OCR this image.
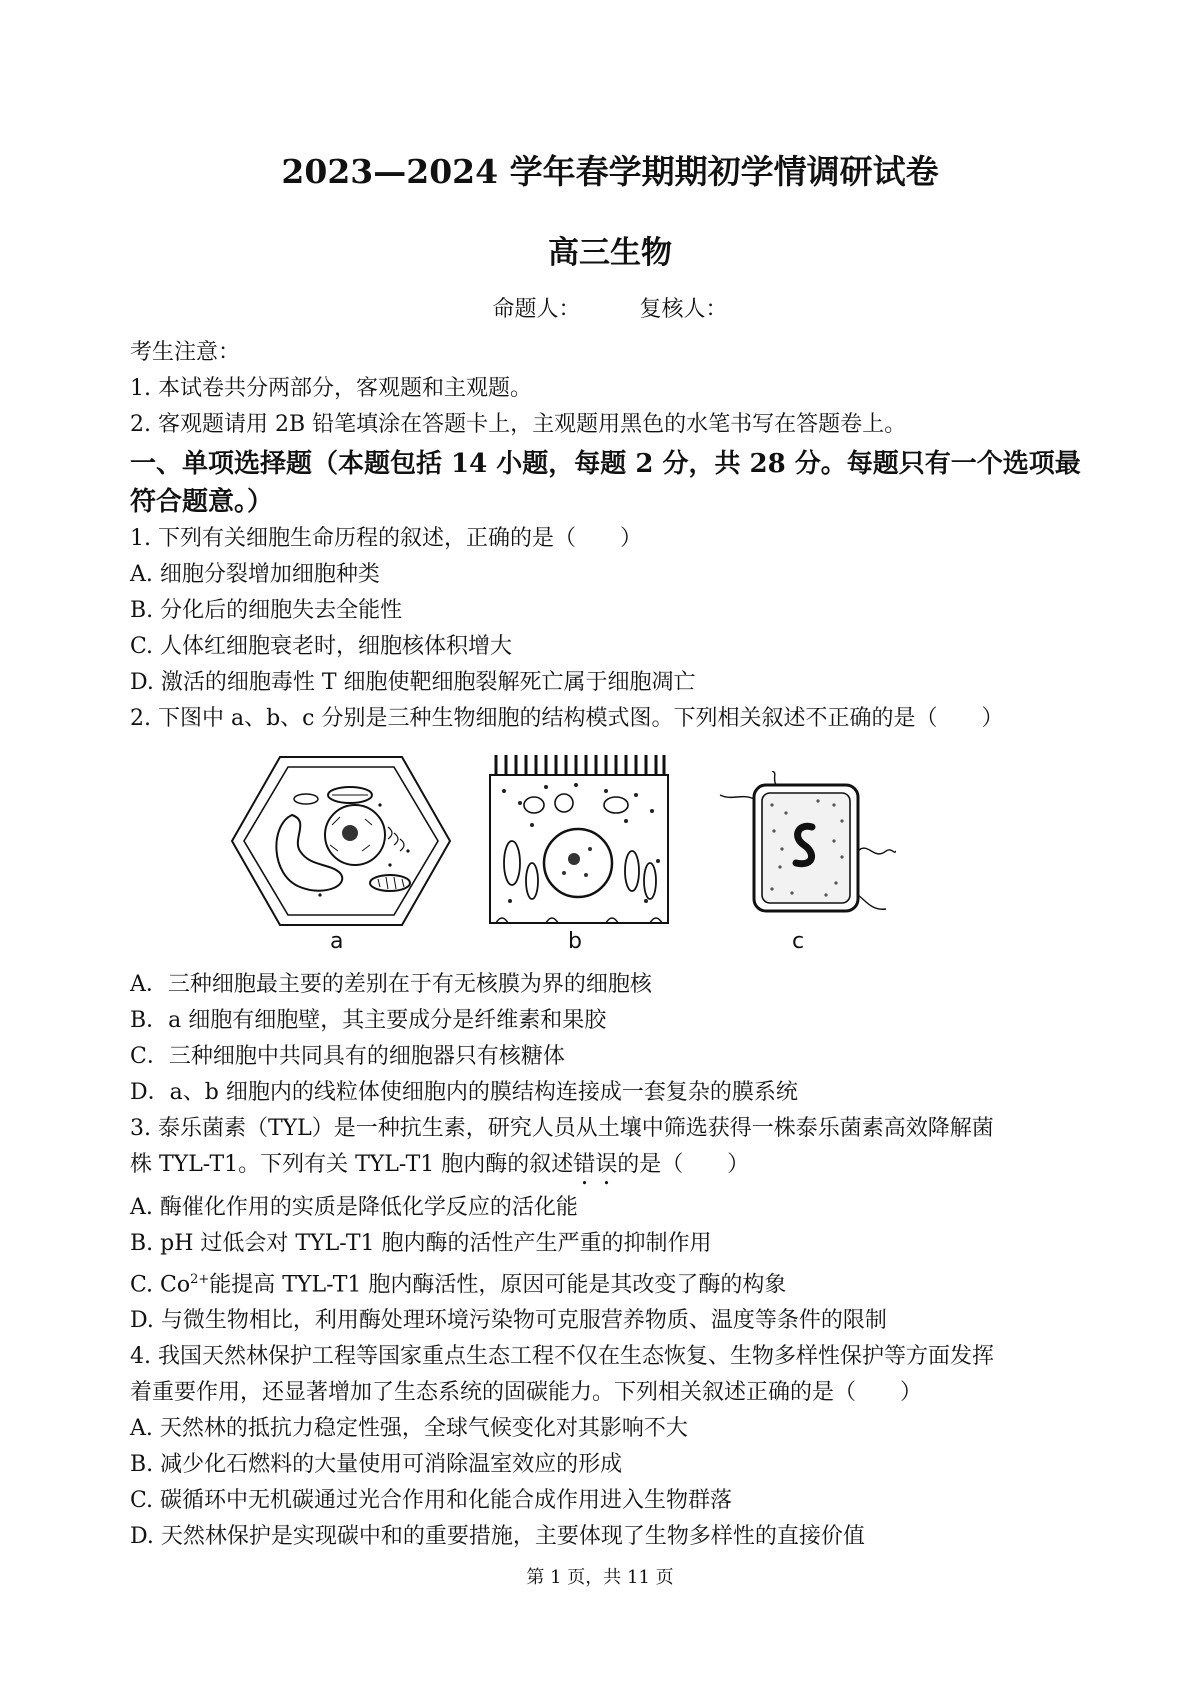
2023—2024 学年春学期期初学情调研试卷
高三生物
命题人：	复核人：
考生注意：
1. 本试卷共分两部分，客观题和主观题。
2. 客观题请用 2B 铅笔填涂在答题卡上，主观题用黑色的水笔书写在答题卷上。
一、单项选择题（本题包括 14 小题，每题 2 分，共 28 分。每题只有一个选项最符合题意。）
1. 下列有关细胞生命历程的叙述，正确的是（　　）
A. 细胞分裂增加细胞种类
B. 分化后的细胞失去全能性
C. 人体红细胞衰老时，细胞核体积增大
D. 激活的细胞毒性 T 细胞使靶细胞裂解死亡属于细胞凋亡
2. 下图中 a、b、c 分别是三种生物细胞的结构模式图。下列相关叙述不正确的是（　　）
a	b	c
A．三种细胞最主要的差别在于有无核膜为界的细胞核
B．a 细胞有细胞壁，其主要成分是纤维素和果胶
C．三种细胞中共同具有的细胞器只有核糖体
D．a、b 细胞内的线粒体使细胞内的膜结构连接成一套复杂的膜系统
3. 泰乐菌素（TYL）是一种抗生素，研究人员从土壤中筛选获得一株泰乐菌素高效降解菌
株 TYL-T1。下列有关 TYL-T1 胞内酶的叙述错误的是（　　）
A. 酶催化作用的实质是降低化学反应的活化能
B. pH 过低会对 TYL-T1 胞内酶的活性产生严重的抑制作用
C. $Co^{2+}$能提高 TYL-T1 胞内酶活性，原因可能是其改变了酶的构象
D. 与微生物相比，利用酶处理环境污染物可克服营养物质、温度等条件的限制
4. 我国天然林保护工程等国家重点生态工程不仅在生态恢复、生物多样性保护等方面发挥
着重要作用，还显著增加了生态系统的固碳能力。下列相关叙述正确的是（　　）
A. 天然林的抵抗力稳定性强，全球气候变化对其影响不大
B. 减少化石燃料的大量使用可消除温室效应的形成
C. 碳循环中无机碳通过光合作用和化能合成作用进入生物群落
D. 天然林保护是实现碳中和的重要措施，主要体现了生物多样性的直接价值
第 1 页，共 11 页
